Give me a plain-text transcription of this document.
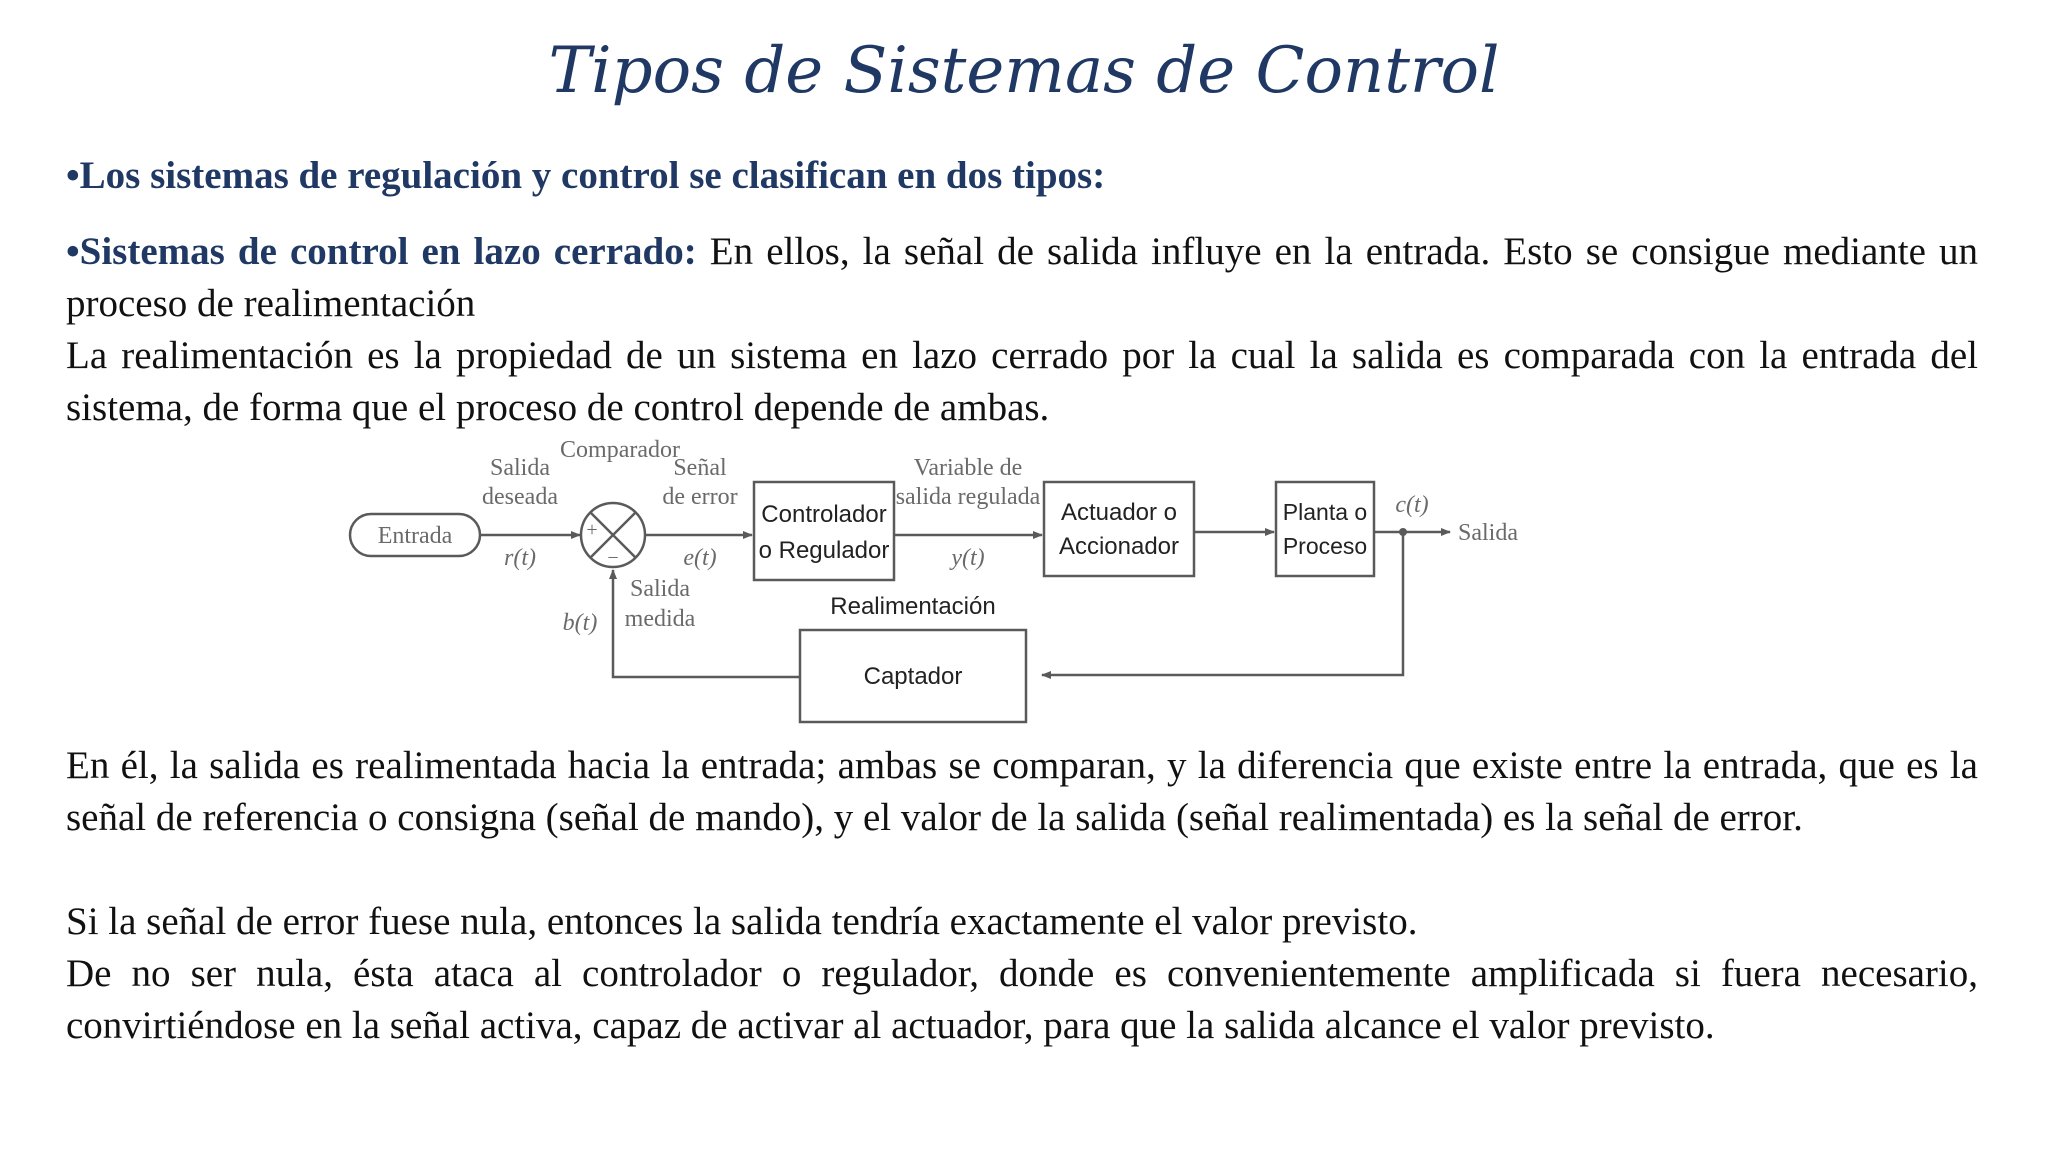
Tipos de Sistemas de Control
•Los sistemas de regulación y control se clasifican en dos tipos:
•Sistemas de control en lazo cerrado: En ellos, la señal de salida influye en la entrada. Esto se consigue mediante un proceso de realimentación
La realimentación es la propiedad de un sistema en lazo cerrado por la cual la salida es comparada con la entrada del sistema, de forma que el proceso de control depende de ambas.
Entrada
Salida
deseada
r(t)
Comparador
+
−
Señal
de error
e(t)
Controlador
o Regulador
Variable de
salida regulada
y(t)
Actuador o
Accionador
Planta o
Proceso
c(t)
Salida
Captador
Realimentación
b(t)
Salida
medida
En él, la salida es realimentada hacia la entrada; ambas se comparan, y la diferencia que existe entre la entrada, que es la señal de referencia o consigna (señal de mando), y el valor de la salida (señal realimentada) es la señal de error.
Si la señal de error fuese nula, entonces la salida tendría exactamente el valor previsto.
De no ser nula, ésta ataca al controlador o regulador, donde es convenientemente amplificada si fuera necesario, convirtiéndose en la señal activa, capaz de activar al actuador, para que la salida alcance el valor previsto.
